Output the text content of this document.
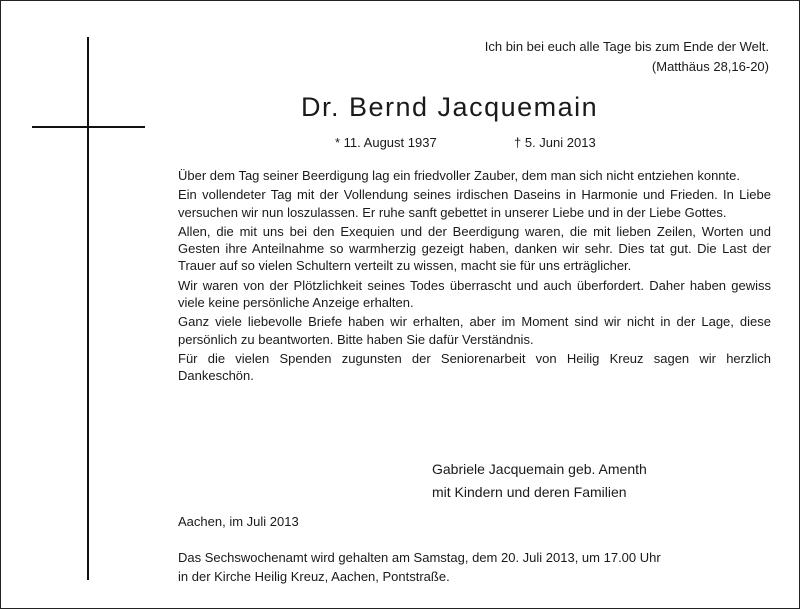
Ich bin bei euch alle Tage bis zum Ende der Welt.
(Matthäus 28,16-20)
Dr. Bernd Jacquemain
* 11. August 1937	† 5. Juni 2013

Über dem Tag seiner Beerdigung lag ein friedvoller Zauber, dem man sich nicht entziehen konnte.

Ein vollendeter Tag mit der Vollendung seines irdischen Daseins in Harmonie und Frieden. In Liebe versuchen wir nun loszulassen. Er ruhe sanft gebettet in unserer Liebe und in der Liebe Gottes.

Allen, die mit uns bei den Exequien und der Beerdigung waren, die mit lieben Zeilen, Worten und Gesten ihre Anteilnahme so warmherzig gezeigt haben, danken wir sehr. Dies tat gut. Die Last der Trauer auf so vielen Schultern verteilt zu wissen, macht sie für uns erträglicher.

Wir waren von der Plötzlichkeit seines Todes überrascht und auch überfordert. Daher haben gewiss viele keine persönliche Anzeige erhalten.

Ganz viele liebevolle Briefe haben wir erhalten, aber im Moment sind wir nicht in der Lage, diese persönlich zu beantworten. Bitte haben Sie dafür Verständnis.

Für die vielen Spenden zugunsten der Seniorenarbeit von Heilig Kreuz sagen wir herzlich Dankeschön.

Gabriele Jacquemain geb. Amenth
mit Kindern und deren Familien
Aachen, im Juli 2013
Das Sechswochenamt wird gehalten am Samstag, dem 20. Juli 2013, um 17.00 Uhr
in der Kirche Heilig Kreuz, Aachen, Pontstraße.
